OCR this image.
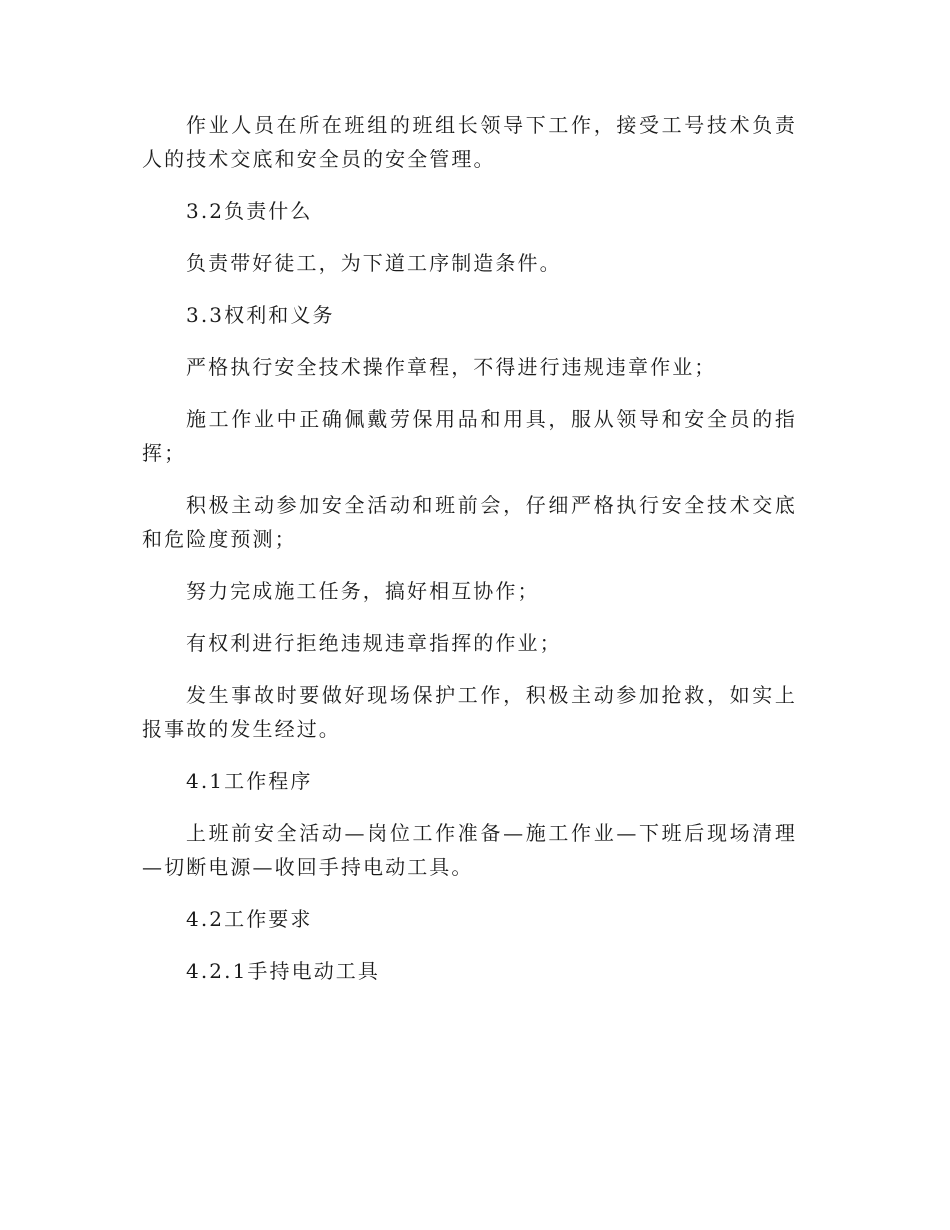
作业人员在所在班组的班组长领导下工作，接受工号技术负责人的技术交底和安全员的安全管理。

3.2负责什么

负责带好徒工，为下道工序制造条件。

3.3权利和义务

严格执行安全技术操作章程，不得进行违规违章作业；

施工作业中正确佩戴劳保用品和用具，服从领导和安全员的指挥；

积极主动参加安全活动和班前会，仔细严格执行安全技术交底和危险度预测；

努力完成施工任务，搞好相互协作；

有权利进行拒绝违规违章指挥的作业；

发生事故时要做好现场保护工作，积极主动参加抢救，如实上报事故的发生经过。

4.1工作程序

上班前安全活动—岗位工作准备—施工作业—下班后现场清理—切断电源—收回手持电动工具。

4.2工作要求

4.2.1手持电动工具
